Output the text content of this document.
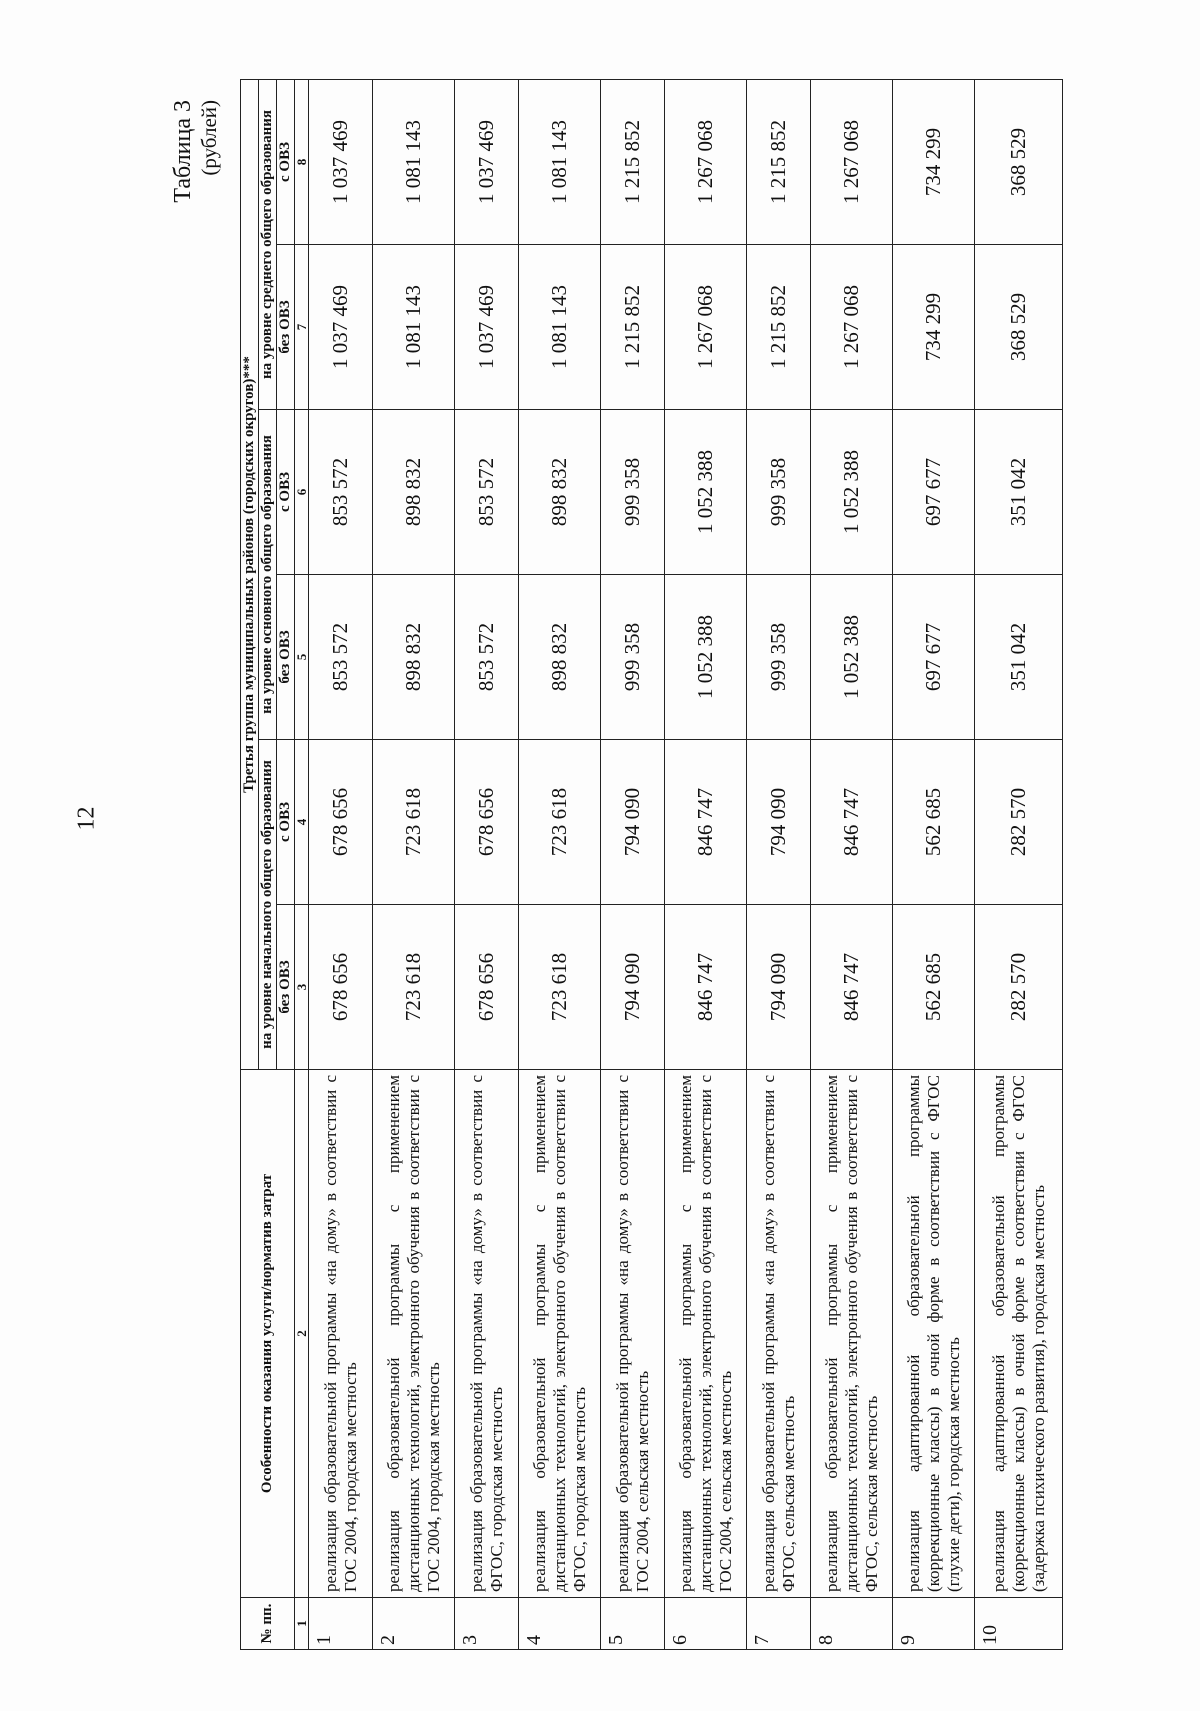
12
Таблица 3 (рублей)
№ пп.	Особенности оказания услуги/норматив затрат	Третья группа муниципальных районов (городских округов)***					
		на уровне начального общего образования		на уровне основного общего образования		на уровне среднего общего образования	
		без ОВЗ	с ОВЗ	без ОВЗ	с ОВЗ	без ОВЗ	с ОВЗ
1	2	3	4	5	6	7	8
1	реализация образовательной программы «на дому» в соответствии с ГОС 2004, городская местность	678 656	678 656	853 572	853 572	1 037 469	1 037 469
2	реализация образовательной программы с применением дистанционных технологий, электронного обучения в соответствии с ГОС 2004, городская местность	723 618	723 618	898 832	898 832	1 081 143	1 081 143
3	реализация образовательной программы «на дому» в соответствии с ФГОС, городская местность	678 656	678 656	853 572	853 572	1 037 469	1 037 469
4	реализация образовательной программы с применением дистанционных технологий, электронного обучения в соответствии с ФГОС, городская местность	723 618	723 618	898 832	898 832	1 081 143	1 081 143
5	реализация образовательной программы «на дому» в соответствии с ГОС 2004, сельская местность	794 090	794 090	999 358	999 358	1 215 852	1 215 852
6	реализация образовательной программы с применением дистанционных технологий, электронного обучения в соответствии с ГОС 2004, сельская местность	846 747	846 747	1 052 388	1 052 388	1 267 068	1 267 068
7	реализация образовательной программы «на дому» в соответствии с ФГОС, сельская местность	794 090	794 090	999 358	999 358	1 215 852	1 215 852
8	реализация образовательной программы с применением дистанционных технологий, электронного обучения в соответствии с ФГОС, сельская местность	846 747	846 747	1 052 388	1 052 388	1 267 068	1 267 068
9	реализация адаптированной образовательной программы (коррекционные классы) в очной форме в соответствии с ФГОС (глухие дети), городская местность	562 685	562 685	697 677	697 677	734 299	734 299
10	реализация адаптированной образовательной программы (коррекционные классы) в очной форме в соответствии с ФГОС (задержка психического развития), городская местность	282 570	282 570	351 042	351 042	368 529	368 529
